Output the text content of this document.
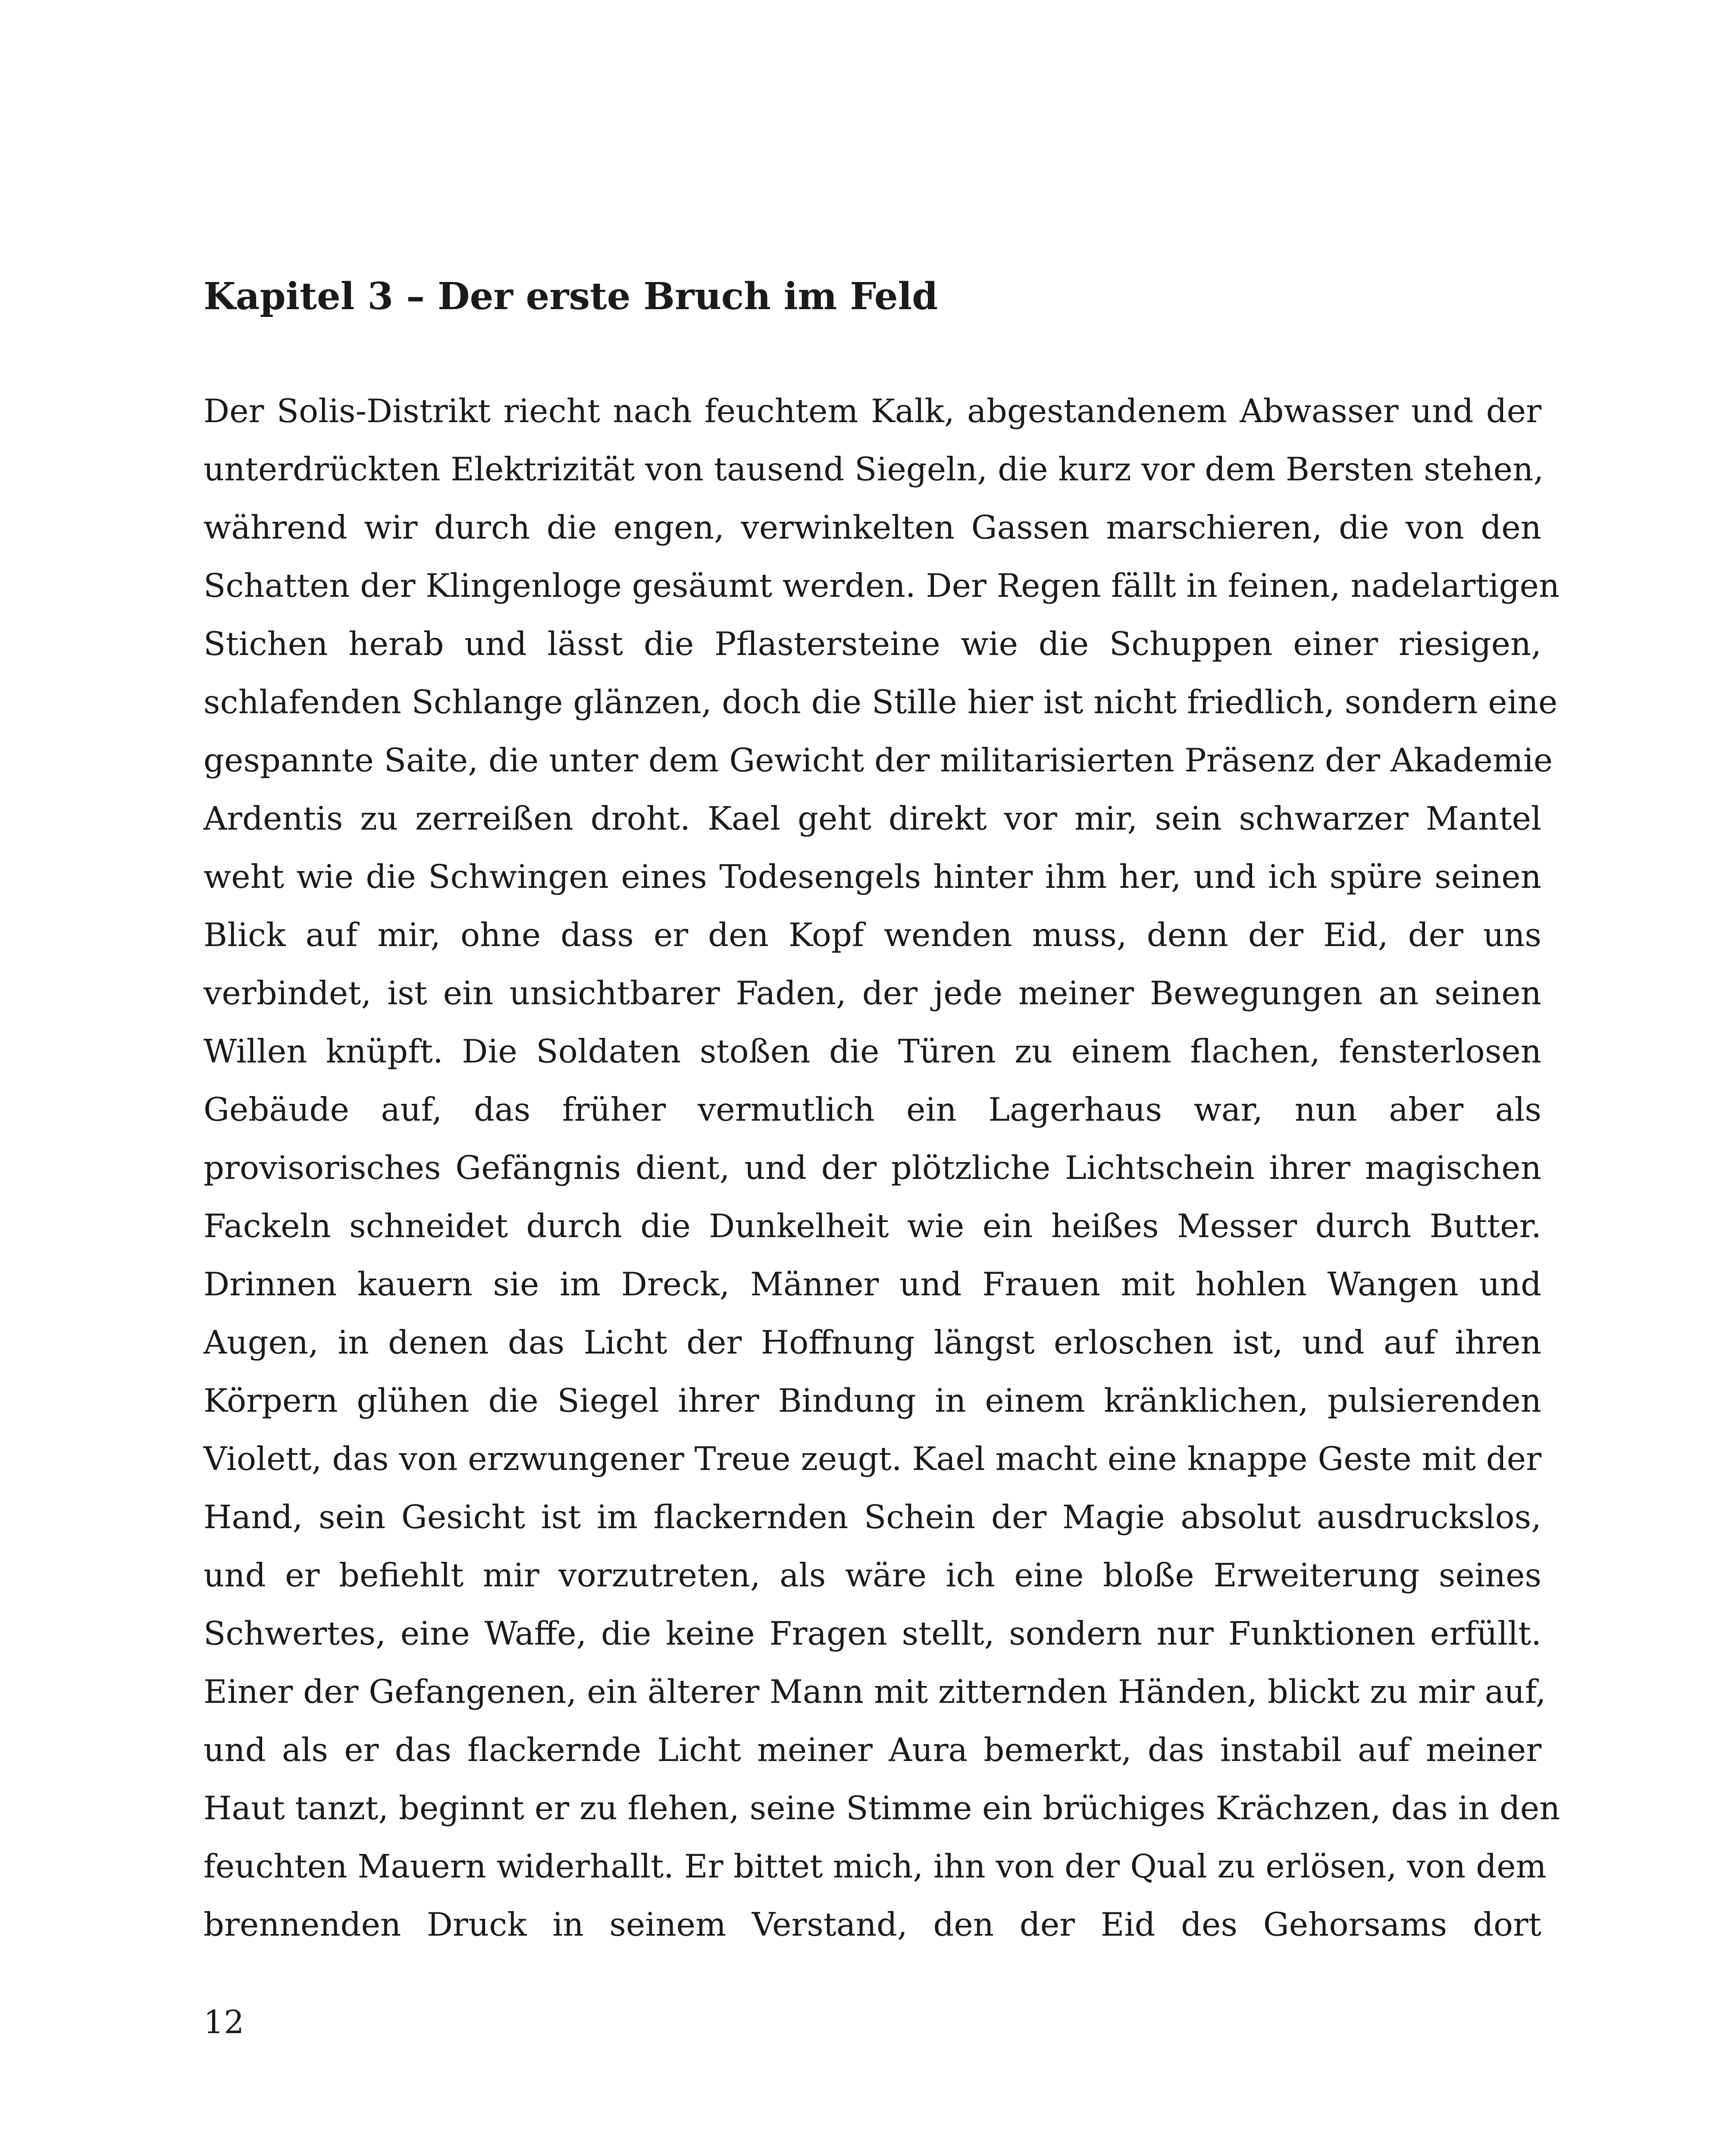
Kapitel 3 – Der erste Bruch im Feld
Der Solis-Distrikt riecht nach feuchtem Kalk, abgestandenem Abwasser und der
unterdrückten Elektrizität von tausend Siegeln, die kurz vor dem Bersten stehen,
während wir durch die engen, verwinkelten Gassen marschieren, die von den
Schatten der Klingenloge gesäumt werden. Der Regen fällt in feinen, nadelartigen
Stichen herab und lässt die Pflastersteine wie die Schuppen einer riesigen,
schlafenden Schlange glänzen, doch die Stille hier ist nicht friedlich, sondern eine
gespannte Saite, die unter dem Gewicht der militarisierten Präsenz der Akademie
Ardentis zu zerreißen droht. Kael geht direkt vor mir, sein schwarzer Mantel
weht wie die Schwingen eines Todesengels hinter ihm her, und ich spüre seinen
Blick auf mir, ohne dass er den Kopf wenden muss, denn der Eid, der uns
verbindet, ist ein unsichtbarer Faden, der jede meiner Bewegungen an seinen
Willen knüpft. Die Soldaten stoßen die Türen zu einem flachen, fensterlosen
Gebäude auf, das früher vermutlich ein Lagerhaus war, nun aber als
provisorisches Gefängnis dient, und der plötzliche Lichtschein ihrer magischen
Fackeln schneidet durch die Dunkelheit wie ein heißes Messer durch Butter.
Drinnen kauern sie im Dreck, Männer und Frauen mit hohlen Wangen und
Augen, in denen das Licht der Hoffnung längst erloschen ist, und auf ihren
Körpern glühen die Siegel ihrer Bindung in einem kränklichen, pulsierenden
Violett, das von erzwungener Treue zeugt. Kael macht eine knappe Geste mit der
Hand, sein Gesicht ist im flackernden Schein der Magie absolut ausdruckslos,
und er befiehlt mir vorzutreten, als wäre ich eine bloße Erweiterung seines
Schwertes, eine Waffe, die keine Fragen stellt, sondern nur Funktionen erfüllt.
Einer der Gefangenen, ein älterer Mann mit zitternden Händen, blickt zu mir auf,
und als er das flackernde Licht meiner Aura bemerkt, das instabil auf meiner
Haut tanzt, beginnt er zu flehen, seine Stimme ein brüchiges Krächzen, das in den
feuchten Mauern widerhallt. Er bittet mich, ihn von der Qual zu erlösen, von dem
brennenden Druck in seinem Verstand, den der Eid des Gehorsams dort
12
